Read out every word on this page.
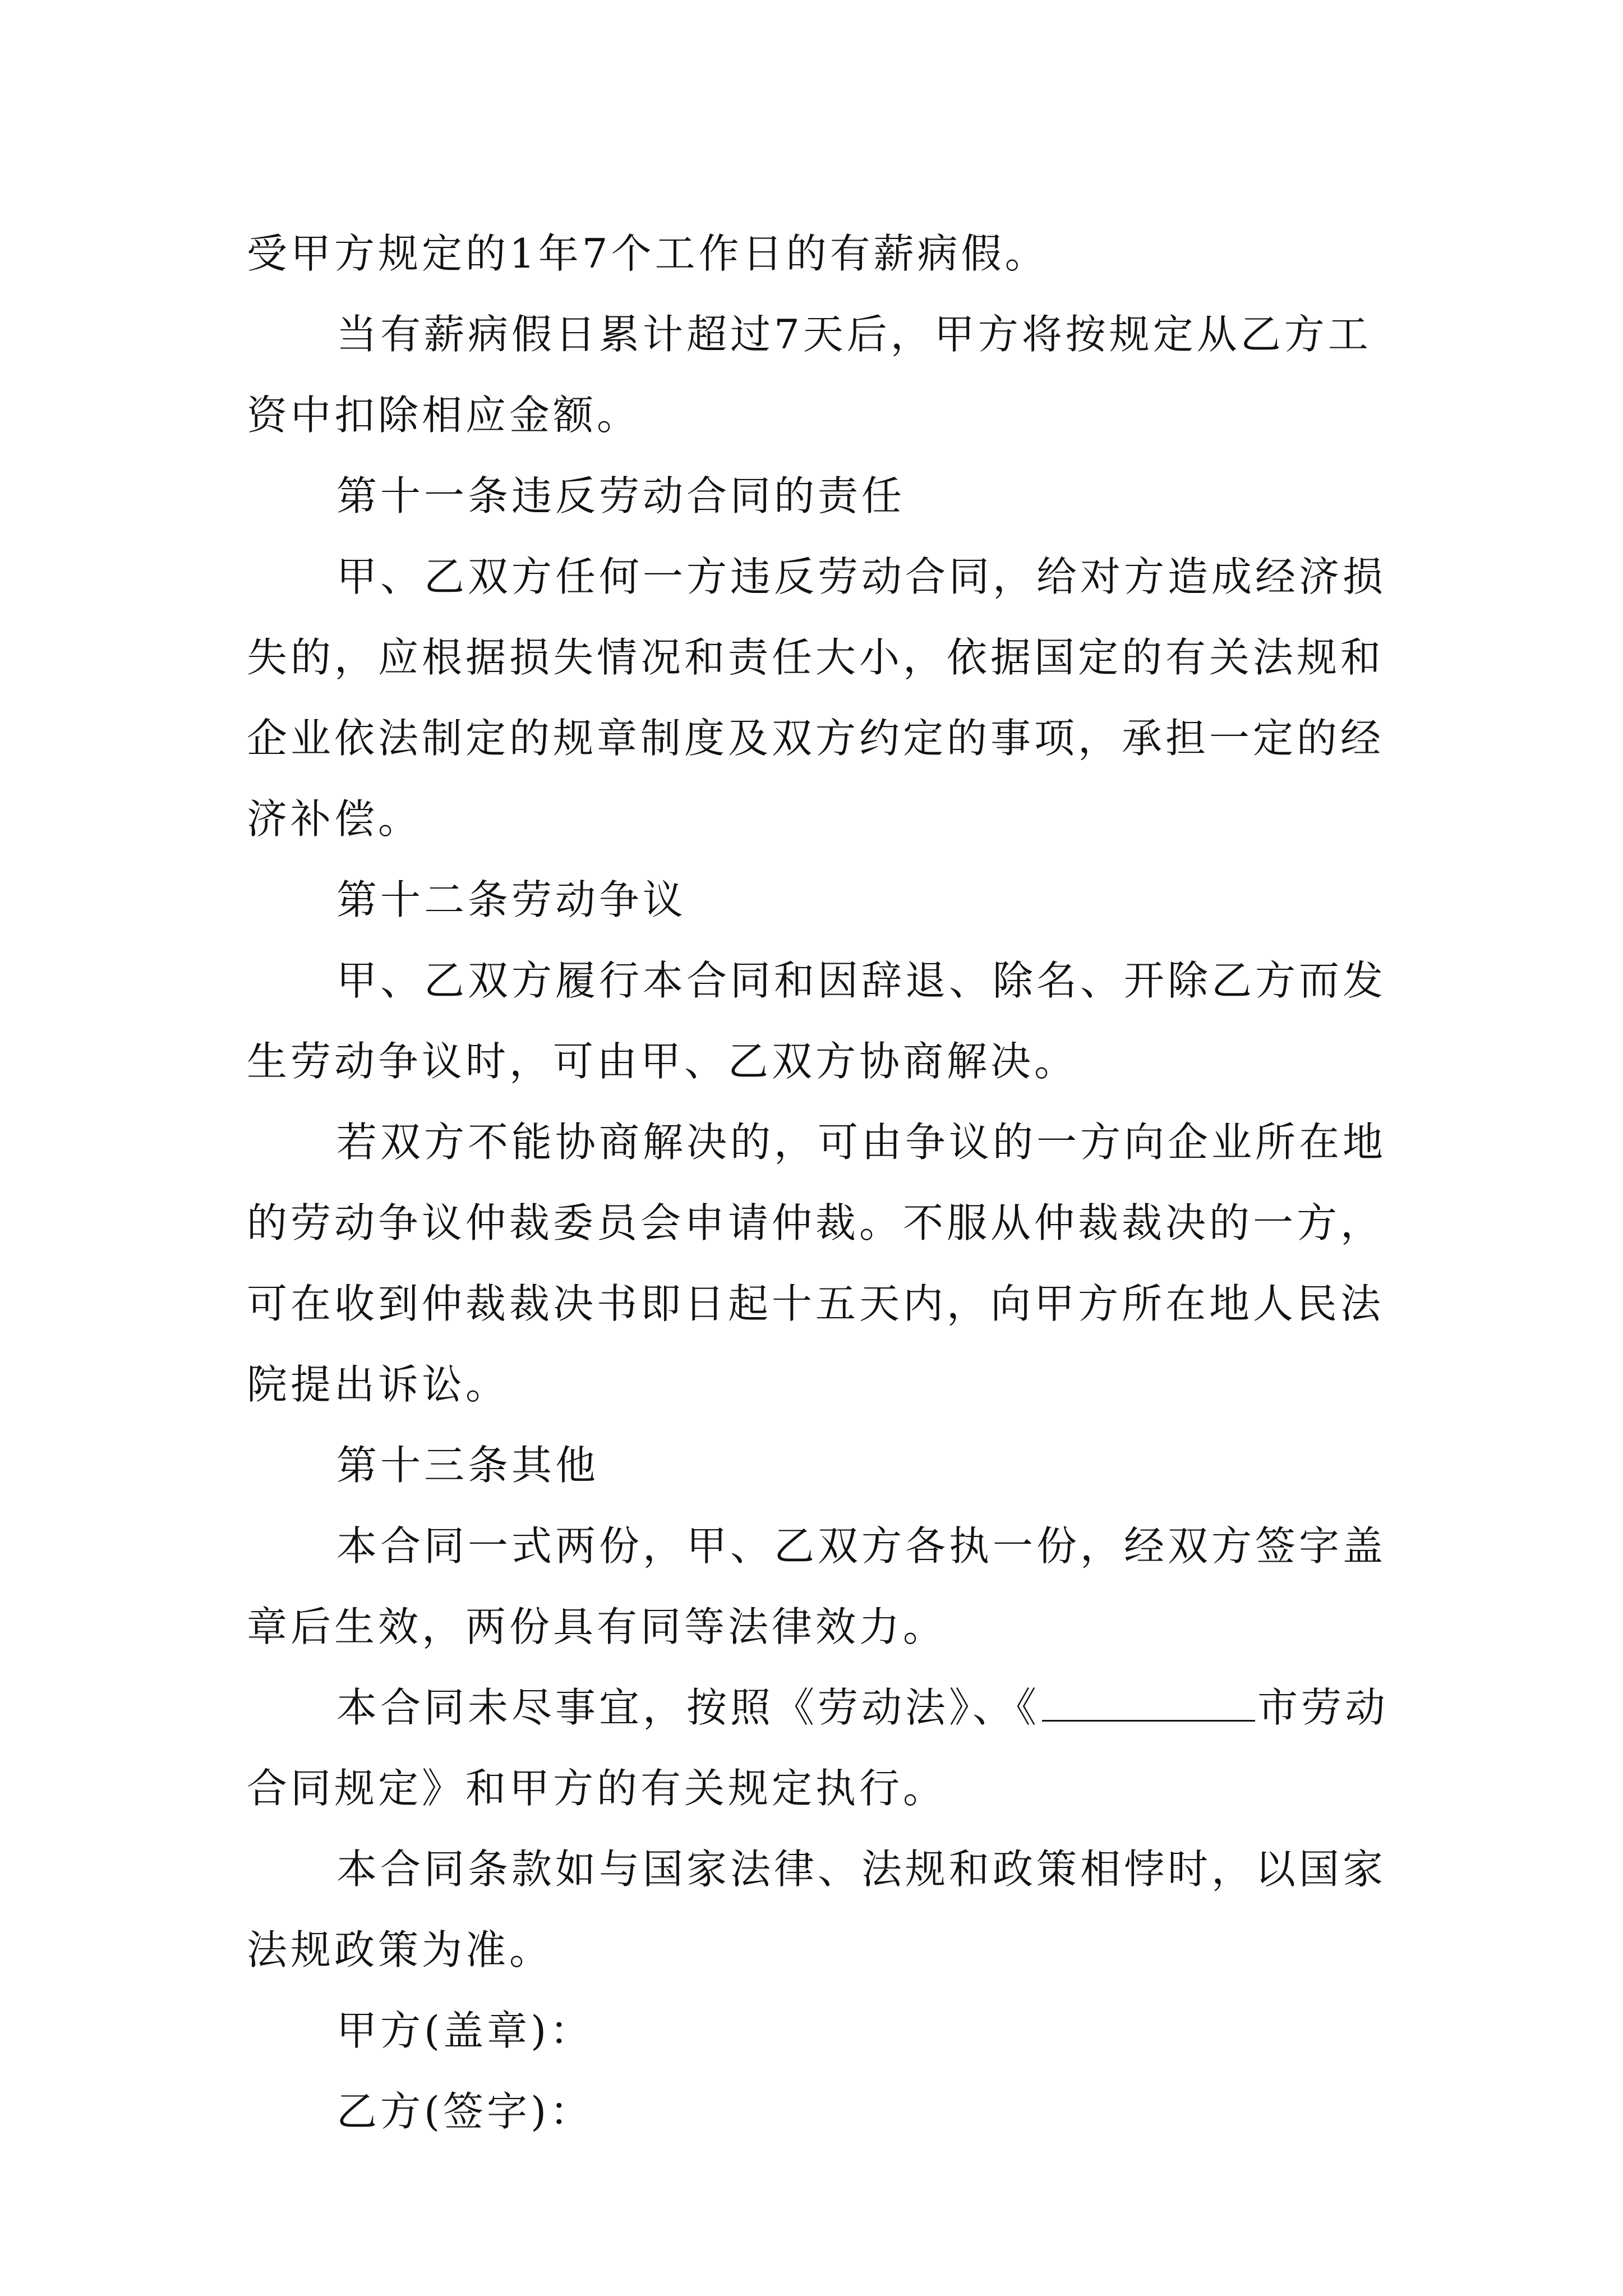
受甲方规定的1年7个工作日的有薪病假。
当有薪病假日累计超过7天后，甲方将按规定从乙方工
资中扣除相应金额。
第十一条违反劳动合同的责任
甲、乙双方任何一方违反劳动合同，给对方造成经济损
失的，应根据损失情况和责任大小，依据国定的有关法规和
企业依法制定的规章制度及双方约定的事项，承担一定的经
济补偿。
第十二条劳动争议
甲、乙双方履行本合同和因辞退、除名、开除乙方而发
生劳动争议时，可由甲、乙双方协商解决。
若双方不能协商解决的，可由争议的一方向企业所在地
的劳动争议仲裁委员会申请仲裁。不服从仲裁裁决的一方，
可在收到仲裁裁决书即日起十五天内，向甲方所在地人民法
院提出诉讼。
第十三条其他
本合同一式两份，甲、乙双方各执一份，经双方签字盖
章后生效，两份具有同等法律效力。
本合同未尽事宜，按照《劳动法》、《	市劳动
合同规定》和甲方的有关规定执行。
本合同条款如与国家法律、法规和政策相悖时，以国家
法规政策为准。
甲方(盖章)：
乙方(签字)：
